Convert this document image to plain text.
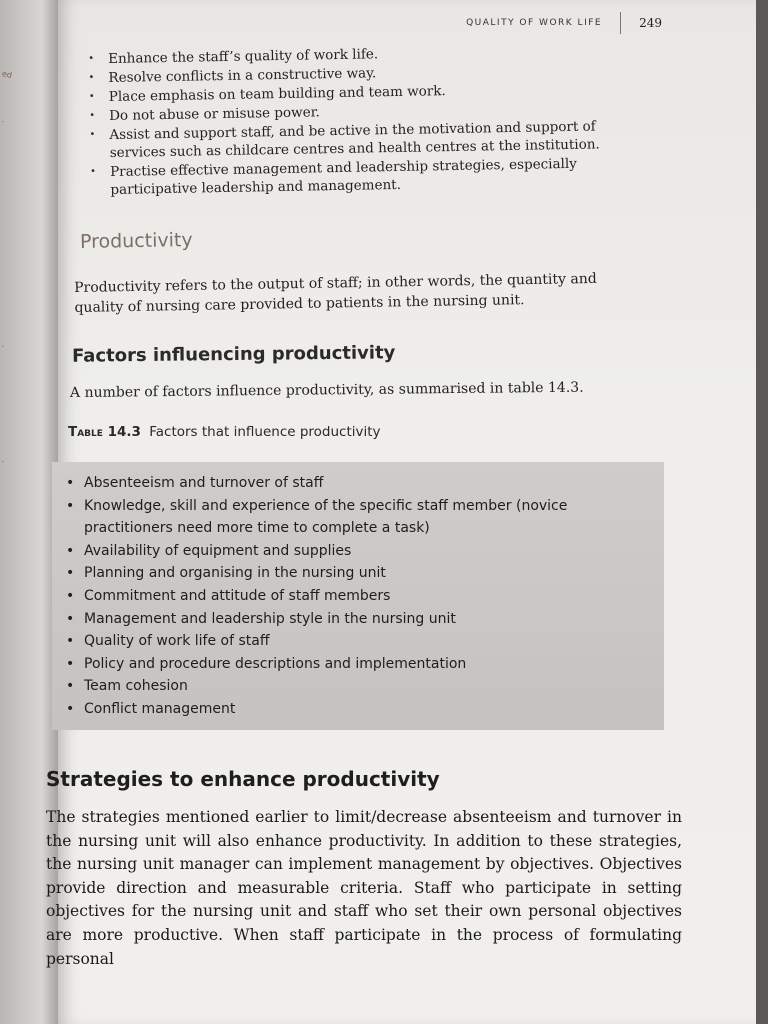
ed
.
.
.
QUALITY OF WORK LIFE	249
• Enhance the staff’s quality of work life.
• Resolve conflicts in a constructive way.
• Place emphasis on team building and team work.
• Do not abuse or misuse power.
• Assist and support staff, and be active in the motivation and support of services such as childcare centres and health centres at the institution.
• Practise effective management and leadership strategies, especially participative leadership and management.
Productivity

Productivity refers to the output of staff; in other words, the quantity and quality of nursing care provided to patients in the nursing unit.

Factors influencing productivity

A number of factors influence productivity, as summarised in table 14.3.

Table 14.3 Factors that influence productivity
• Absenteeism and turnover of staff
• Knowledge, skill and experience of the specific staff member (novice practitioners need more time to complete a task)
• Availability of equipment and supplies
• Planning and organising in the nursing unit
• Commitment and attitude of staff members
• Management and leadership style in the nursing unit
• Quality of work life of staff
• Policy and procedure descriptions and implementation
• Team cohesion
• Conflict management
Strategies to enhance productivity

The strategies mentioned earlier to limit/decrease absenteeism and turnover in the nursing unit will also enhance productivity. In addition to these strategies, the nursing unit manager can implement management by objectives. Objectives provide direction and measurable criteria. Staff who participate in setting objectives for the nursing unit and staff who set their own personal objectives are more productive. When staff participate in the process of formulating personal
